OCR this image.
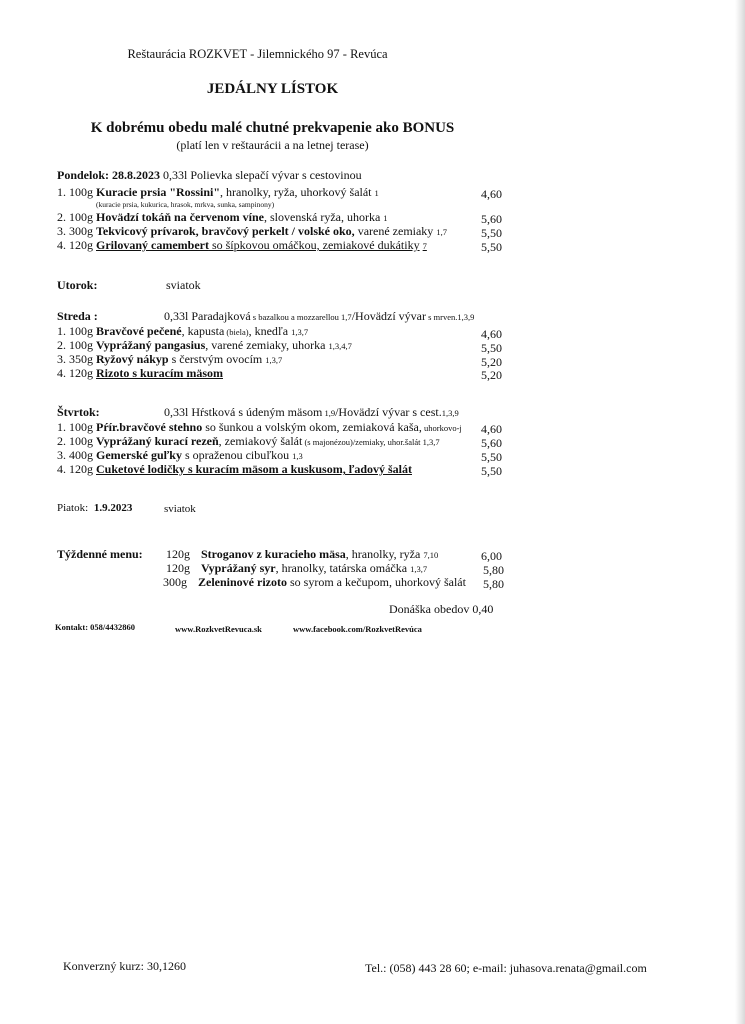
Reštaurácia ROZKVET - Jilemnického 97 - Revúca
JEDÁLNY LÍSTOK
K dobrému obedu malé chutné prekvapenie ako BONUS
(platí len v reštaurácii a na letnej terase)
Pondelok: 28.8.2023 0,33l Polievka slepačí vývar s cestovinou
1. 100g Kuracie prsia "Rossini", hranolky, ryža, uhorkový šalát 1	4,60
(kuracie prsia, kukurica, hrasok, mrkva, sunka, sampinony)
2. 100g Hovädzí tokáň na červenom víne, slovenská ryža, uhorka 1	5,60
3. 300g Tekvicový prívarok, bravčový perkelt / volské oko, varené zemiaky 1,7	5,50
4. 120g Grilovaný camembert so šípkovou omáčkou, zemiakové dukátiky 7	5,50
Utorok:	sviatok
Streda :	0,33l Paradajková s bazalkou a mozzarellou 1,7/Hovädzí vývar s mrven.1,3,9
1. 100g Bravčové pečené, kapusta (biela), knedľa 1,3,7	4,60
2. 100g Vyprážaný pangasius, varené zemiaky, uhorka 1,3,4,7	5,50
3. 350g Ryžový nákyp s čerstvým ovocím 1,3,7	5,20
4. 120g Rizoto s kuracím mäsom	5,20
Štvrtok:	0,33l Hŕstková s údeným mäsom 1,9/Hovädzí vývar s cest.1,3,9
1. 100g Pŕír.bravčové stehno so šunkou a volským okom, zemiaková kaša, uhorkovo-j 4,60
2. 100g Vyprážaný kurací rezeň, zemiakový šalát (s majonézou)/zemiaky, uhor.šalát 1,3,7	5,60
3. 400g Gemerské guľky s opraženou cibuľkou 1,3	5,50
4. 120g Cuketové lodičky s kuracím mäsom a kuskusom, ľadový šalát	5,50
Piatok: 1.9.2023	sviatok
Týždenné menu: 120g Stroganov z kuracieho mäsa, hranolky, ryža 7,10	6,00
120g Vyprážaný syr, hranolky, tatárska omáčka 1,3,7	5,80
300g Zeleninové rizoto so syrom a kečupom, uhorkový šalát 5,80
Donáška obedov 0,40
Kontakt: 058/4432860	www.RozkvetRevuca.sk	www.facebook.com/RozkvetRevúca
Konverzný kurz: 30,1260	Tel.: (058) 443 28 60; e-mail: juhasova.renata@gmail.com
